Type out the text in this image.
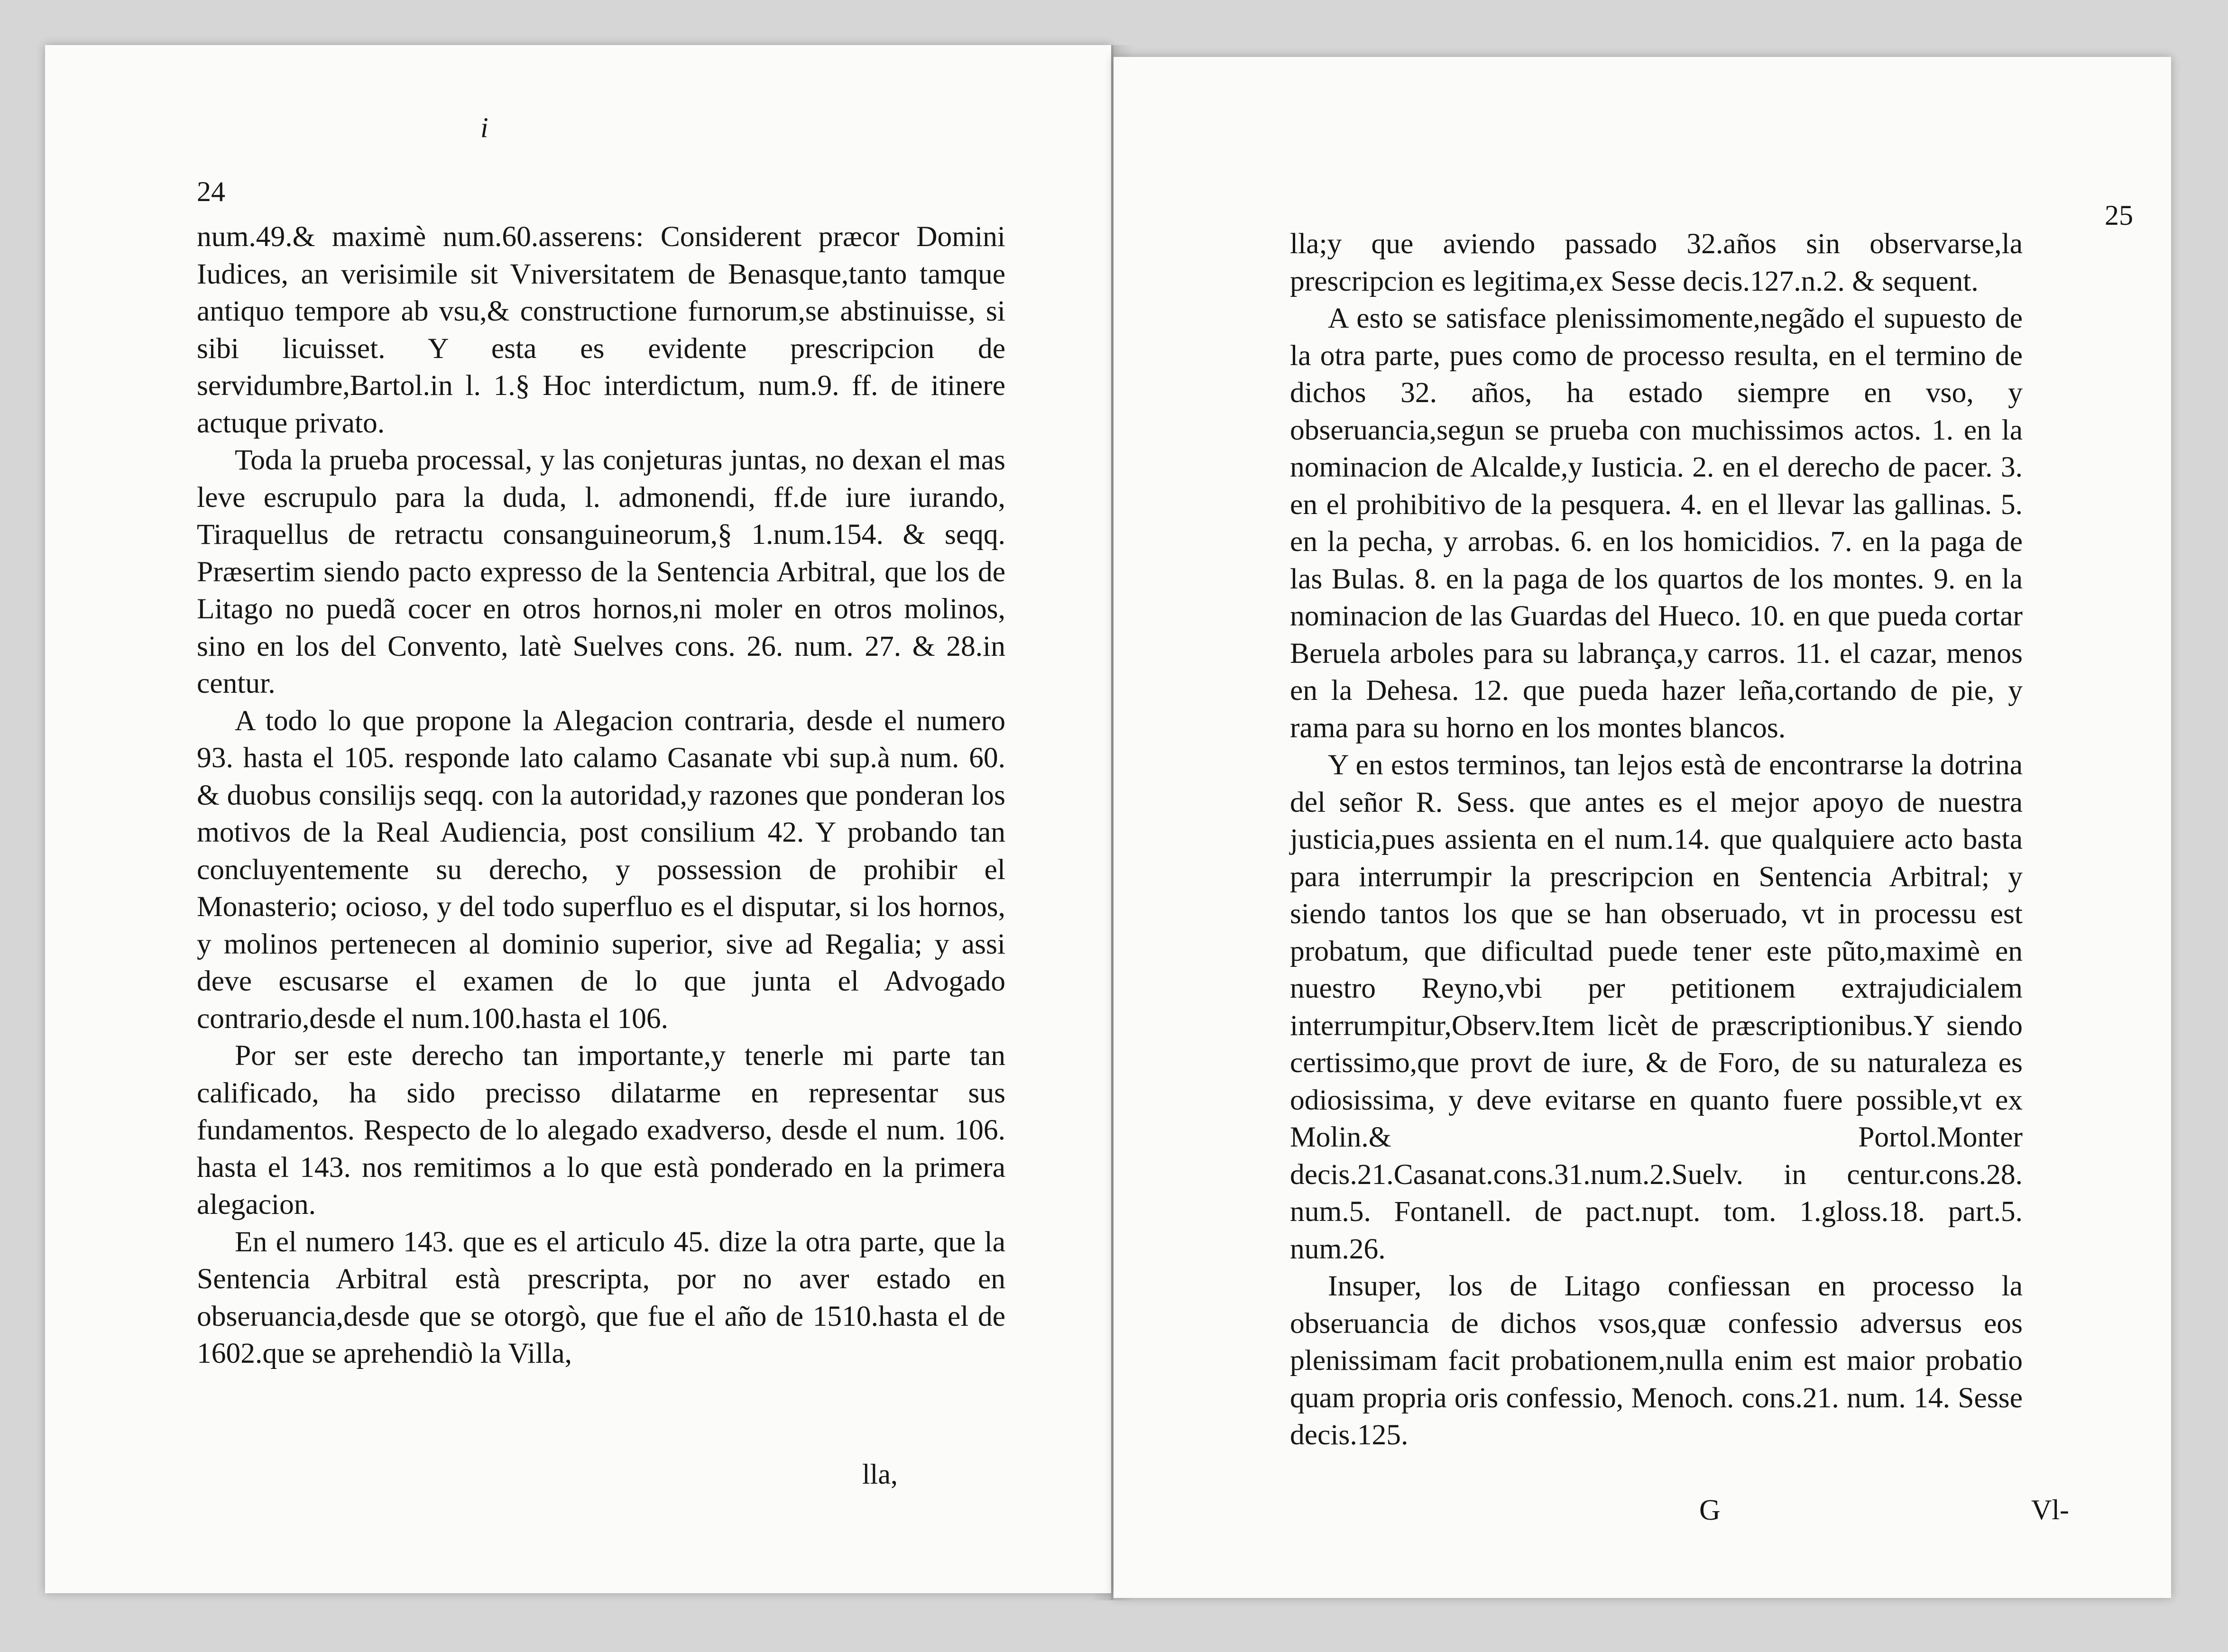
i
24

num.49.& maximè num.60.asserens: Considerent præcor Domini Iudices, an verisimile sit Vniversitatem de Benasque,tanto tamque antiquo tempore ab vsu,& constructione furnorum,se abstinuisse, si sibi licuisset. Y esta es evidente prescripcion de servidumbre,Bartol.in l. 1.§ Hoc interdictum, num.9. ff. de itinere actuque privato.

Toda la prueba processal, y las conjeturas juntas, no dexan el mas leve escrupulo para la duda, l. admonendi, ff.de iure iurando, Tiraquellus de retractu consanguineorum,§ 1.num.154. & seqq. Præsertim siendo pacto expresso de la Sentencia Arbitral, que los de Litago no puedã cocer en otros hornos,ni moler en otros molinos, sino en los del Convento, latè Suelves cons. 26. num. 27. & 28.in centur.

A todo lo que propone la Alegacion contraria, desde el numero 93. hasta el 105. responde lato calamo Casanate vbi sup.à num. 60. & duobus consilijs seqq. con la autoridad,y razones que ponderan los motivos de la Real Audiencia, post consilium 42. Y probando tan concluyentemente su derecho, y possession de prohibir el Monasterio; ocioso, y del todo superfluo es el disputar, si los hornos, y molinos pertenecen al dominio superior, sive ad Regalia; y assi deve escusarse el examen de lo que junta el Advogado contrario,desde el num.100.hasta el 106.

Por ser este derecho tan importante,y tenerle mi parte tan calificado, ha sido precisso dilatarme en representar sus fundamentos. Respecto de lo alegado exadverso, desde el num. 106. hasta el 143. nos remitimos a lo que està ponderado en la primera alegacion.

En el numero 143. que es el articulo 45. dize la otra parte, que la Sentencia Arbitral està prescripta, por no aver estado en obseruancia,desde que se otorgò, que fue el año de 1510.hasta el de 1602.que se aprehendiò la Villa,

lla,
25

lla;y que aviendo passado 32.años sin observarse,la prescripcion es legitima,ex Sesse decis.127.n.2. & sequent.

A esto se satisface plenissimomente,negãdo el supuesto de la otra parte, pues como de processo resulta, en el termino de dichos 32. años, ha estado siempre en vso, y obseruancia,segun se prueba con muchissimos actos. 1. en la nominacion de Alcalde,y Iusticia. 2. en el derecho de pacer. 3. en el prohibitivo de la pesquera. 4. en el llevar las gallinas. 5. en la pecha, y arrobas. 6. en los homicidios. 7. en la paga de las Bulas. 8. en la paga de los quartos de los montes. 9. en la nominacion de las Guardas del Hueco. 10. en que pueda cortar Beruela arboles para su labrança,y carros. 11. el cazar, menos en la Dehesa. 12. que pueda hazer leña,cortando de pie, y rama para su horno en los montes blancos.

Y en estos terminos, tan lejos està de encontrarse la dotrina del señor R. Sess. que antes es el mejor apoyo de nuestra justicia,pues assienta en el num.14. que qualquiere acto basta para interrumpir la prescripcion en Sentencia Arbitral; y siendo tantos los que se han obseruado, vt in processu est probatum, que dificultad puede tener este pũto,maximè en nuestro Reyno,vbi per petitionem extrajudicialem interrumpitur,Observ.Item licèt de præscriptionibus.Y siendo certissimo,que provt de iure, & de Foro, de su naturaleza es odiosissima, y deve evitarse en quanto fuere possible,vt ex Molin.& Portol.Monter decis.21.Casanat.cons.31.num.2.Suelv. in centur.cons.28. num.5. Fontanell. de pact.nupt. tom. 1.gloss.18. part.5. num.26.

Insuper, los de Litago confiessan en processo la obseruancia de dichos vsos,quæ confessio adversus eos plenissimam facit probationem,nulla enim est maior probatio quam propria oris confessio, Menoch. cons.21. num. 14. Sesse decis.125.

G	Vl-
